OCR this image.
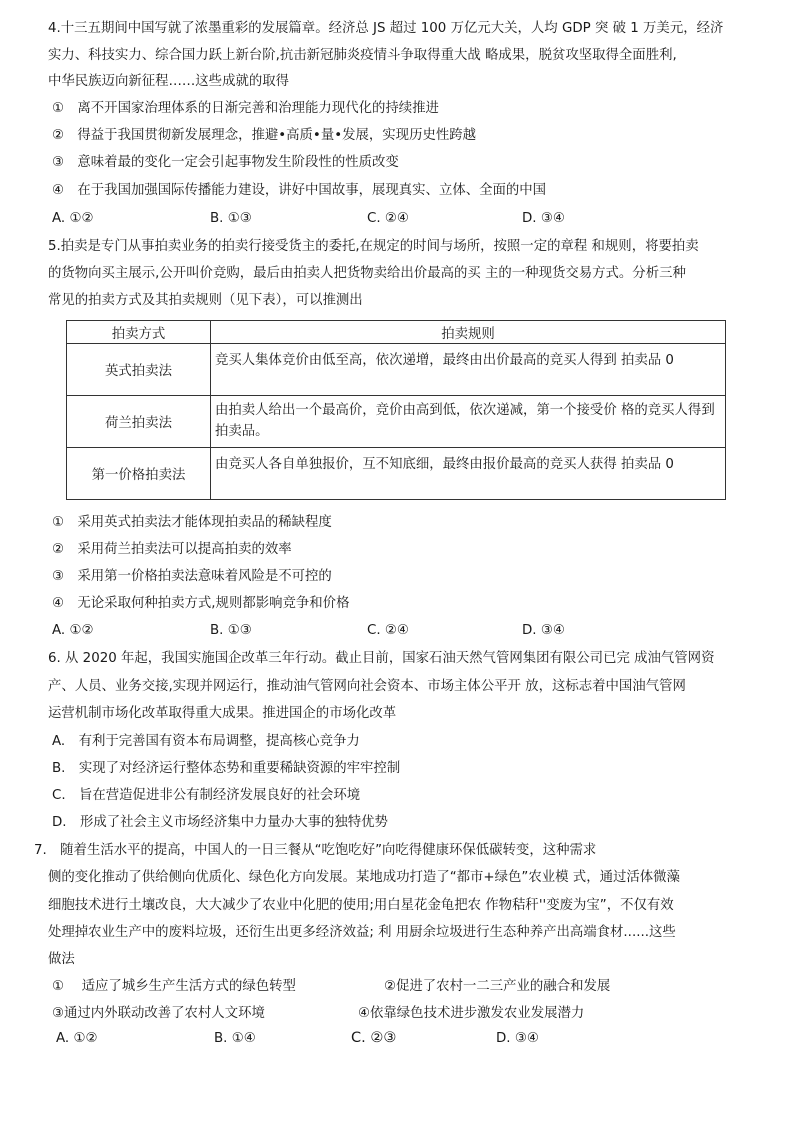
4.十三五期间中国写就了浓墨重彩的发展篇章。经济总 JS 超过 100 万亿元大关，人均 GDP 突 破 1 万美元，经济
实力、科技实力、综合国力跃上新台阶,抗击新冠肺炎疫情斗争取得重大战 略成果，脱贫攻坚取得全面胜利,
中华民族迈向新征程……这些成就的取得
①　离不开国家治理体系的日渐完善和治理能力现代化的持续推进
②　得益于我国贯彻新发展理念，推避•高质•量•发展，实现历史性跨越
③　意味着最的变化一定会引起事物发生阶段性的性质改变
④　在于我国加强国际传播能力建设，讲好中国故事，展现真实、立体、全面的中国
A. ①②	B. ①③	C. ②④	D. ③④
5.拍卖是专门从事拍卖业务的拍卖行接受货主的委托,在规定的时间与场所，按照一定的章程 和规则，将要拍卖
的货物向买主展示,公开叫价竞购，最后由拍卖人把货物卖给出价最高的买 主的一种现货交易方式。分析三种
常见的拍卖方式及其拍卖规则（见下表），可以推测出
拍卖方式	拍卖规则
英式拍卖法	竞买人集体竞价由低至高，依次递增，最终由出价最高的竞买人得到 拍卖品 0
荷兰拍卖法	由拍卖人给出一个最高价，竞价由高到低，依次递减，第一个接受价 格的竞买人得到拍卖品。
第一价格拍卖法	由竞买人各自单独报价，互不知底细，最终由报价最高的竞买人获得 拍卖品 0
①　采用英式拍卖法才能体现拍卖品的稀缺程度
②　采用荷兰拍卖法可以提高拍卖的效率
③　采用第一价格拍卖法意味着风险是不可控的
④　无论采取何种拍卖方式,规则都影响竞争和价格
A. ①②	B. ①③	C. ②④	D. ③④
6. 从 2020 年起，我国实施国企改革三年行动。截止目前，国家石油天然气管网集团有限公司已完 成油气管网资
产、人员、业务交接,实现并网运行，推动油气管网向社会资本、市场主体公平开 放，这标志着中国油气管网
运营机制市场化改革取得重大成果。推进国企的市场化改革
A.　有利于完善国有资本布局调整，提高核心竞争力
B.　实现了对经济运行整体态势和重要稀缺资源的牢牢控制
C.　旨在营造促进非公有制经济发展良好的社会环境
D.　形成了社会主义市场经济集中力量办大事的独特优势
7.　随着生活水平的提高，中国人的一日三餐从“吃饱吃好”向吃得健康环保低碳转变，这种需求
侧的变化推动了供给侧向优质化、绿色化方向发展。某地成功打造了“都市+绿色”农业模 式，通过活体微藻
细胞技术进行土壤改良，大大减少了农业中化肥的使用;用白星花金龟把农 作物秸秆''变废为宝”，不仅有效
处理掉农业生产中的废料垃圾，还衍生出更多经济效益; 利 用厨余垃圾进行生态种养产出高端食材......这些
做法
①　 适应了城乡生产生活方式的绿色转型	②促进了农村一二三产业的融合和发展
③通过内外联动改善了农村人文环境	④依靠绿色技术进步激发农业发展潜力
A. ①②	B. ①④	C. ②③	D. ③④
